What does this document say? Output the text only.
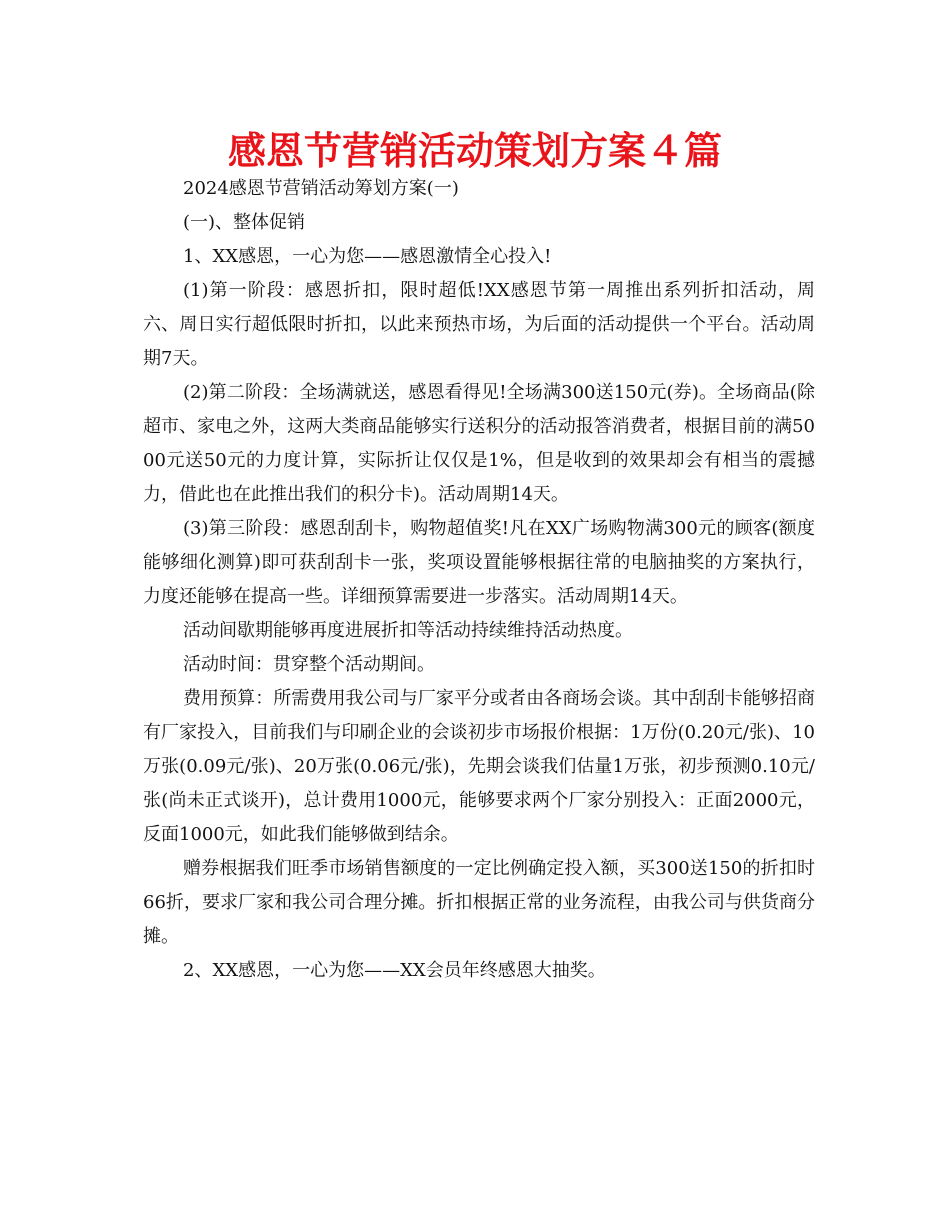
感恩节营销活动策划方案４篇

2024感恩节营销活动筹划方案(一)

(一)、整体促销

1、XX感恩，一心为您——感恩激情全心投入!

(1)第一阶段：感恩折扣，限时超低!XX感恩节第一周推出系列折扣活动，周六、周日实行超低限时折扣，以此来预热市场，为后面的活动提供一个平台。活动周期7天。

(2)第二阶段：全场满就送，感恩看得见!全场满300送150元(券)。全场商品(除超市、家电之外，这两大类商品能够实行送积分的活动报答消费者，根据目前的满5000元送50元的力度计算，实际折让仅仅是1%，但是收到的效果却会有相当的震撼力，借此也在此推出我们的积分卡)。活动周期14天。

(3)第三阶段：感恩刮刮卡，购物超值奖!凡在XX广场购物满300元的顾客(额度能够细化测算)即可获刮刮卡一张，奖项设置能够根据往常的电脑抽奖的方案执行，力度还能够在提高一些。详细预算需要进一步落实。活动周期14天。

活动间歇期能够再度进展折扣等活动持续维持活动热度。

活动时间：贯穿整个活动期间。

费用预算：所需费用我公司与厂家平分或者由各商场会谈。其中刮刮卡能够招商有厂家投入，目前我们与印刷企业的会谈初步市场报价根据：1万份(0.20元/张)、10万张(0.09元/张)、20万张(0.06元/张)，先期会谈我们估量1万张，初步预测0.10元/张(尚未正式谈开)，总计费用1000元，能够要求两个厂家分别投入：正面2000元，反面1000元，如此我们能够做到结余。

赠券根据我们旺季市场销售额度的一定比例确定投入额，买300送150的折扣时66折，要求厂家和我公司合理分摊。折扣根据正常的业务流程，由我公司与供货商分摊。

2、XX感恩，一心为您——XX会员年终感恩大抽奖。
